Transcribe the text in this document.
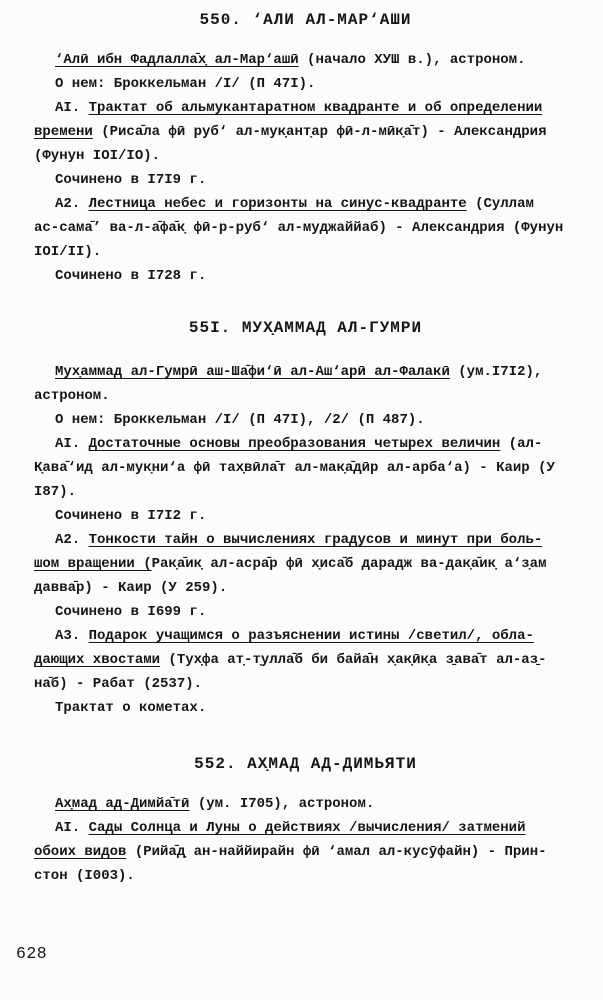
550. ‘АЛИ АЛ-МАР‘АШИ
‘Алӣ ибн Фадлалла̄х̣ ал-Мар‘ашӣ (начало ХУШ в.), астроном.
О нем: Броккельман /I/ (П 47I).
АI. Трактат об альмукантаратном квадранте и об определении
времени (Риса̄ла фӣ руб‘ ал-мук̣ант̣ар фӣ-л-мӣк̣а̄т) - Александрия
(Фунун IOI/IO).
Сочинено в I7I9 г.
А2. Лестница небес и горизонты на синус-квадранте (Суллам
ас-сама̄’ ва-л-а̄фа̄к̣ фӣ-р-руб‘ ал-муджаййаб) - Александрия (Фунун
IOI/II).
Сочинено в I728 г.
55I. МУХ̣АММАД АЛ-ГУМРИ
Мух̣аммад ал-Гумрӣ аш-Ша̄фи‘ӣ ал-Аш‘арӣ ал-Фалакӣ (ум.I7I2),
астроном.
О нем: Броккельман /I/ (П 47I), /2/ (П 487).
АI. Достаточные основы преобразования четырех величин (ал-
К̣ава̄‘ид ал-мук̣ни‘а фӣ тах̣вӣла̄т ал-мак̣а̄дӣр ал-арба‘а) - Каир (У
I87).
Сочинено в I7I2 г.
А2. Тонкости тайн о вычислениях градусов и минут при боль-
шом вращении (Рак̣а̄ик̣ ал-асра̄р фӣ х̣иса̄б дарадж ва-дак̣а̄ик̣ а‘з̣ам
давва̄р) - Каир (У 259).
Сочинено в I699 г.
А3. Подарок учащимся о разъяснении истины /светил/, обла-
дающих хвостами (Тух̣фа ат̣-т̣улла̄б би байа̄н х̣ак̣ӣк̣а з̱ава̄т ал-аз̱-
на̄б) - Рабат (2537).
Трактат о кометах.
552. АХ̣МАД АД-ДИМЬЯТИ
Ах̣мад ад-Димйа̄тӣ (ум. I705), астроном.
АI. Сады Солнца и Луны о действиях /вычисления/ затмений
обоих видов (Рийа̄д̣ ан-наййирайн фӣ ‘амал ал-кусӯфайн) - Прин-
стон (I003).
628
